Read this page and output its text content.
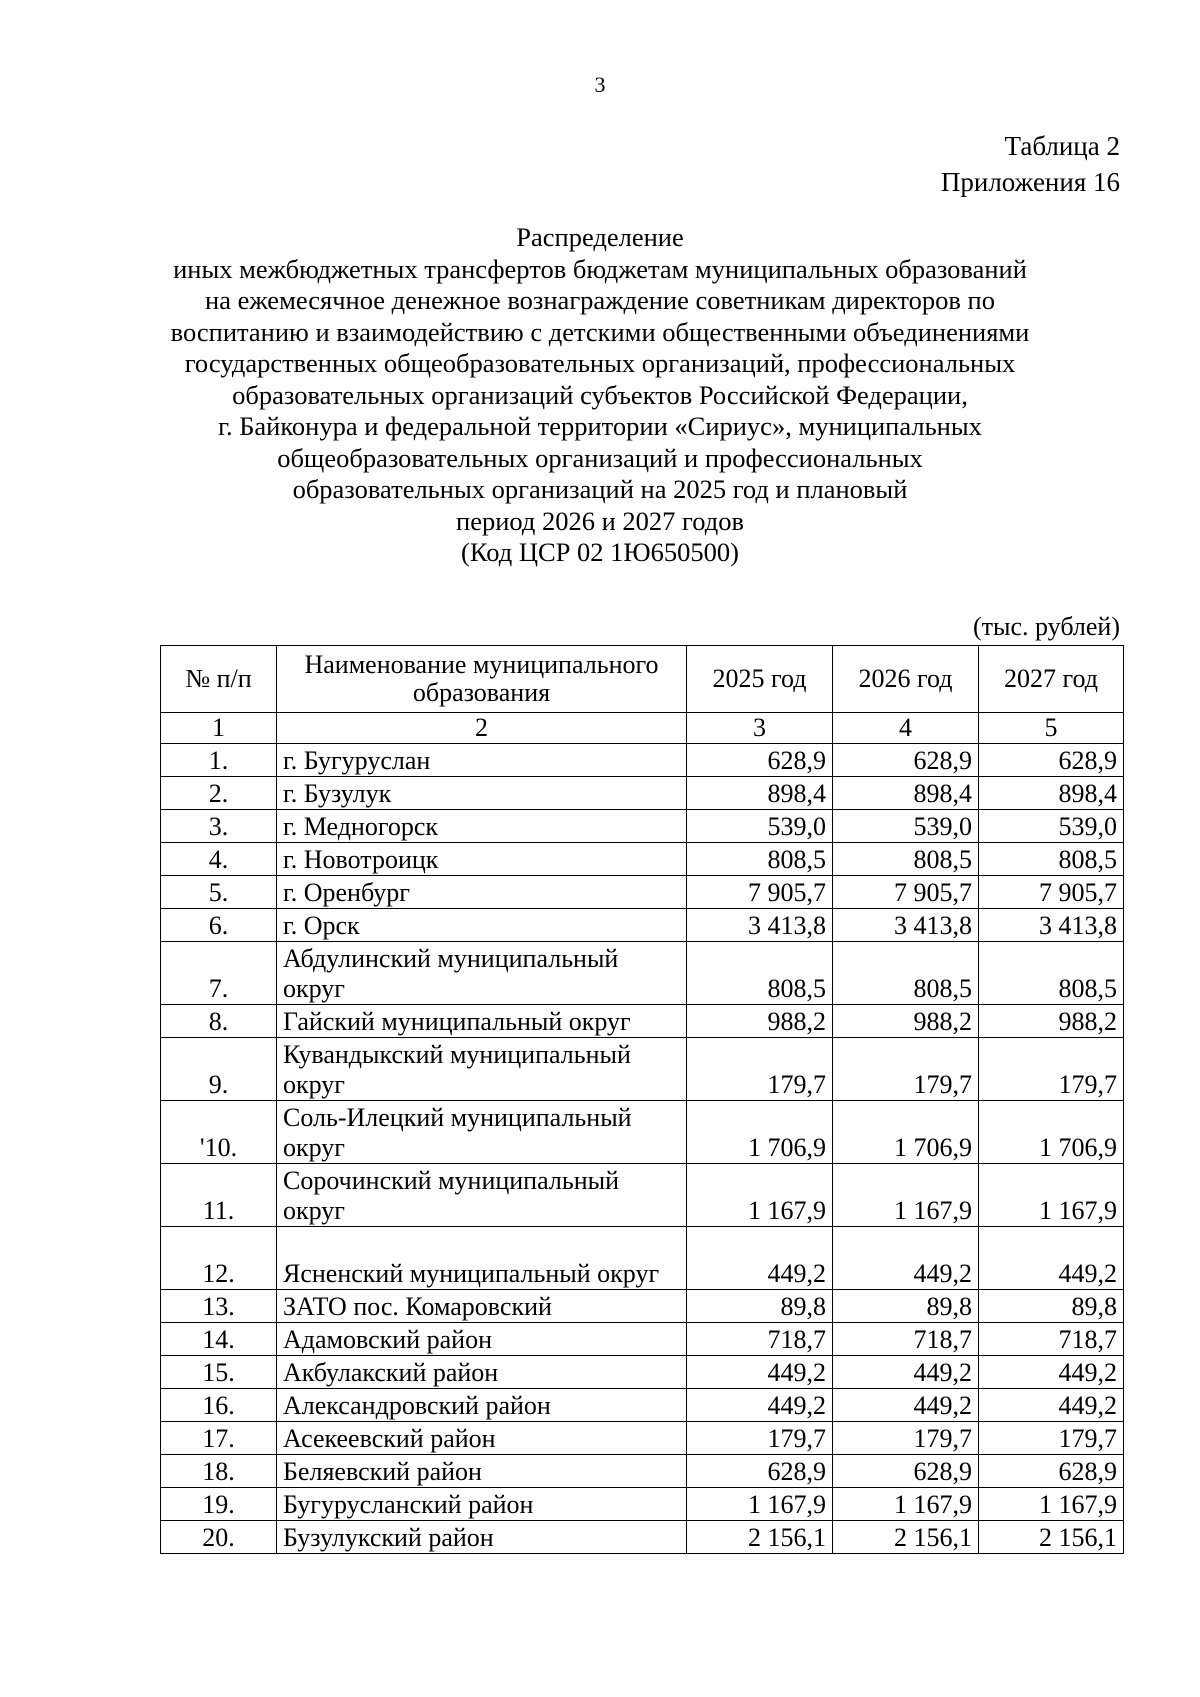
3
Таблица 2
Приложения 16
Распределение
иных межбюджетных трансфертов бюджетам муниципальных образований
на ежемесячное денежное вознаграждение советникам директоров по
воспитанию и взаимодействию с детскими общественными объединениями
государственных общеобразовательных организаций, профессиональных
образовательных организаций субъектов Российской Федерации,
г. Байконура и федеральной территории «Сириус», муниципальных
общеобразовательных организаций и профессиональных
образовательных организаций на 2025 год и плановый
период 2026 и 2027 годов
(Код ЦСР 02 1Ю650500)
(тыс. рублей)
№ п/п	Наименование муниципального образования	2025 год	2026 год	2027 год
1	2	3	4	5
1.	г. Бугуруслан	628,9	628,9	628,9
2.	г. Бузулук	898,4	898,4	898,4
3.	г. Медногорск	539,0	539,0	539,0
4.	г. Новотроицк	808,5	808,5	808,5
5.	г. Оренбург	7 905,7	7 905,7	7 905,7
6.	г. Орск	3 413,8	3 413,8	3 413,8
7.	Абдулинский муниципальный округ	808,5	808,5	808,5
8.	Гайский муниципальный округ	988,2	988,2	988,2
9.	Кувандыкский муниципальный округ	179,7	179,7	179,7
'10.	Соль-Илецкий муниципальный округ	1 706,9	1 706,9	1 706,9
11.	Сорочинский муниципальный округ	1 167,9	1 167,9	1 167,9
12.	Ясненский муниципальный округ	449,2	449,2	449,2
13.	ЗАТО пос. Комаровский	89,8	89,8	89,8
14.	Адамовский район	718,7	718,7	718,7
15.	Акбулакский район	449,2	449,2	449,2
16.	Александровский район	449,2	449,2	449,2
17.	Асекеевский район	179,7	179,7	179,7
18.	Беляевский район	628,9	628,9	628,9
19.	Бугурусланский район	1 167,9	1 167,9	1 167,9
20.	Бузулукский район	2 156,1	2 156,1	2 156,1
